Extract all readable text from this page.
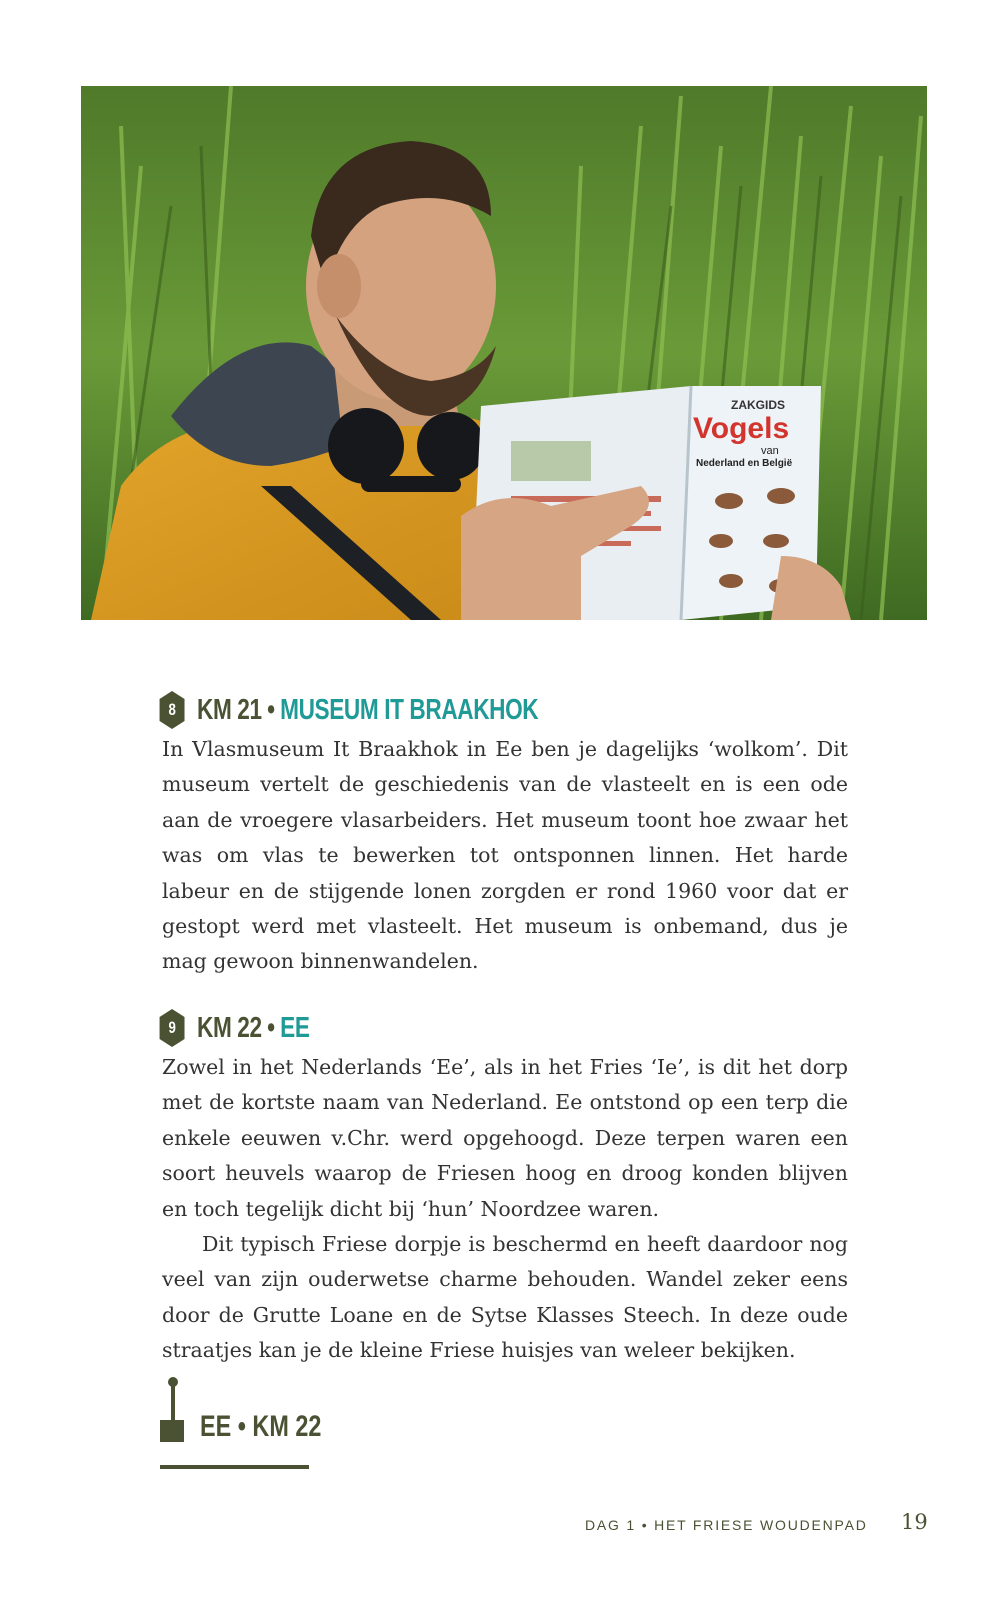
ZAKGIDS
Vogels
van
Nederland en België
8 KM 21 • MUSEUM IT BRAAKHOK

In Vlasmuseum It Braakhok in Ee ben je dagelijks ‘wolkom’. Dit museum vertelt de geschiedenis van de vlasteelt en is een ode aan de vroegere vlasarbeiders. Het museum toont hoe zwaar het was om vlas te bewerken tot ontsponnen linnen. Het harde labeur en de stijgende lonen zorgden er rond 1960 voor dat er gestopt werd met vlasteelt. Het museum is onbemand, dus je mag gewoon binnenwandelen.

9 KM 22 • EE

Zowel in het Nederlands ‘Ee’, als in het Fries ‘Ie’, is dit het dorp met de kortste naam van Nederland. Ee ontstond op een terp die enkele eeuwen v.Chr. werd opgehoogd. Deze terpen waren een soort heuvels waarop de Friesen hoog en droog konden blijven en toch tegelijk dicht bij ‘hun’ Noordzee waren.

Dit typisch Friese dorpje is beschermd en heeft daardoor nog veel van zijn ouderwetse charme behouden. Wandel zeker eens door de Grutte Loane en de Sytse Klasses Steech. In deze oude straatjes kan je de kleine Friese huisjes van weleer bekijken.

EE • KM 22
DAG 1 • HET FRIESE WOUDENPAD 19
